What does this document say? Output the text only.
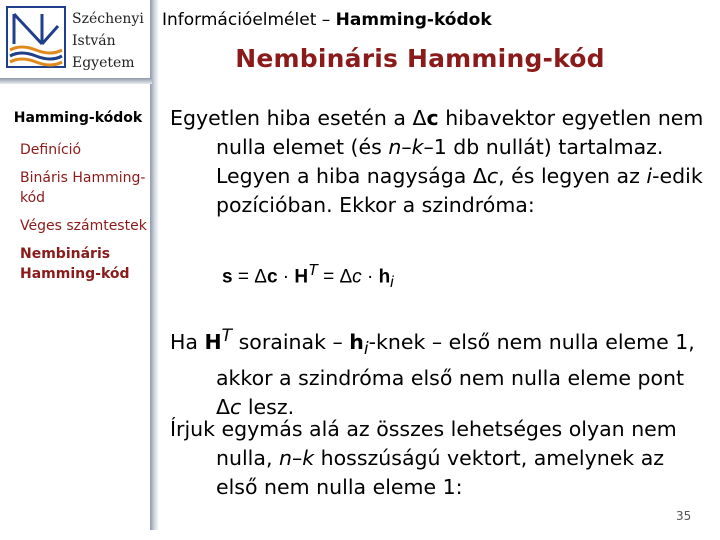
Széchenyi
István
Egyetem
Információelmélet – Hamming-kódok
Nembináris Hamming-kód
Hamming-kódok
Definíció
Bináris Hamming-kód
Véges számtestek
Nembináris Hamming-kód

Egyetlen hiba esetén a Δc hibavektor egyetlen nem nulla elemet (és n–k–1 db nullát) tartalmaz. Legyen a hiba nagysága Δc, és legyen az i-edik pozícióban. Ekkor a szindróma:

$s = \Delta c \cdot H^T = \Delta c \cdot h_i$

Ha $H^T$ sorainak – $h_i$-knek – első nem nulla eleme 1, akkor a szindróma első nem nulla eleme pont Δc lesz.

Írjuk egymás alá az összes lehetséges olyan nem nulla, n–k hosszúságú vektort, amelynek az első nem nulla eleme 1:

35
